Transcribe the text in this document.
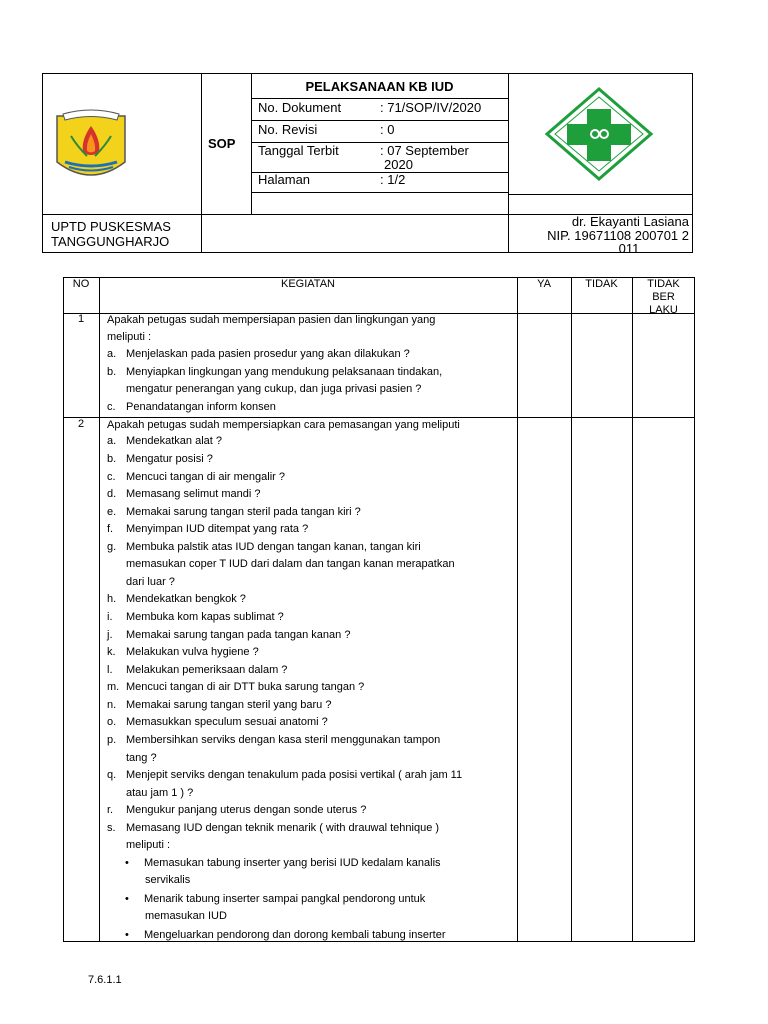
SOP
PELAKSANAAN KB IUD
No. Dokument	: 71/SOP/IV/2020
No. Revisi	: 0
Tanggal Terbit	: 07 September
2020
Halaman	: 1/2
UPTD PUSKESMAS
TANGGUNGHARJO
dr. Ekayanti Lasiana
NIP. 19671108 200701 2
011
NO	KEGIATAN	YA	TIDAK	TIDAK
BER
LAKU
1	Apakah petugas sudah mempersiapan pasien dan lingkungan yang
meliputi :
a. Menjelaskan pada pasien prosedur yang akan dilakukan ?
b. Menyiapkan lingkungan yang mendukung pelaksanaan tindakan,
mengatur penerangan yang cukup, dan juga privasi pasien ?
c. Penandatangan inform konsen
2	Apakah petugas sudah mempersiapkan cara pemasangan yang meliputi
a. Mendekatkan alat ?
b. Mengatur posisi ?
c. Mencuci tangan di air mengalir ?
d. Memasang selimut mandi ?
e. Memakai sarung tangan steril pada tangan kiri ?
f. Menyimpan IUD ditempat yang rata ?
g. Membuka palstik atas IUD dengan tangan kanan, tangan kiri
memasukan coper T IUD dari dalam dan tangan kanan merapatkan
dari luar ?
h. Mendekatkan bengkok ?
i. Membuka kom kapas sublimat ?
j. Memakai sarung tangan pada tangan kanan ?
k. Melakukan vulva hygiene ?
l. Melakukan pemeriksaan dalam ?
m. Mencuci tangan di air DTT buka sarung tangan ?
n. Memakai sarung tangan steril yang baru ?
o. Memasukkan speculum sesuai anatomi ?
p. Membersihkan serviks dengan kasa steril menggunakan tampon
tang ?
q. Menjepit serviks dengan tenakulum pada posisi vertikal ( arah jam 11
atau jam 1 ) ?
r. Mengukur panjang uterus dengan sonde uterus ?
s. Memasang IUD dengan teknik menarik ( with drauwal tehnique )
meliputi :
• Memasukan tabung inserter yang berisi IUD kedalam kanalis
servikalis
• Menarik tabung inserter sampai pangkal pendorong untuk
memasukan IUD
• Mengeluarkan pendorong dan dorong kembali tabung inserter
7.6.1.1
